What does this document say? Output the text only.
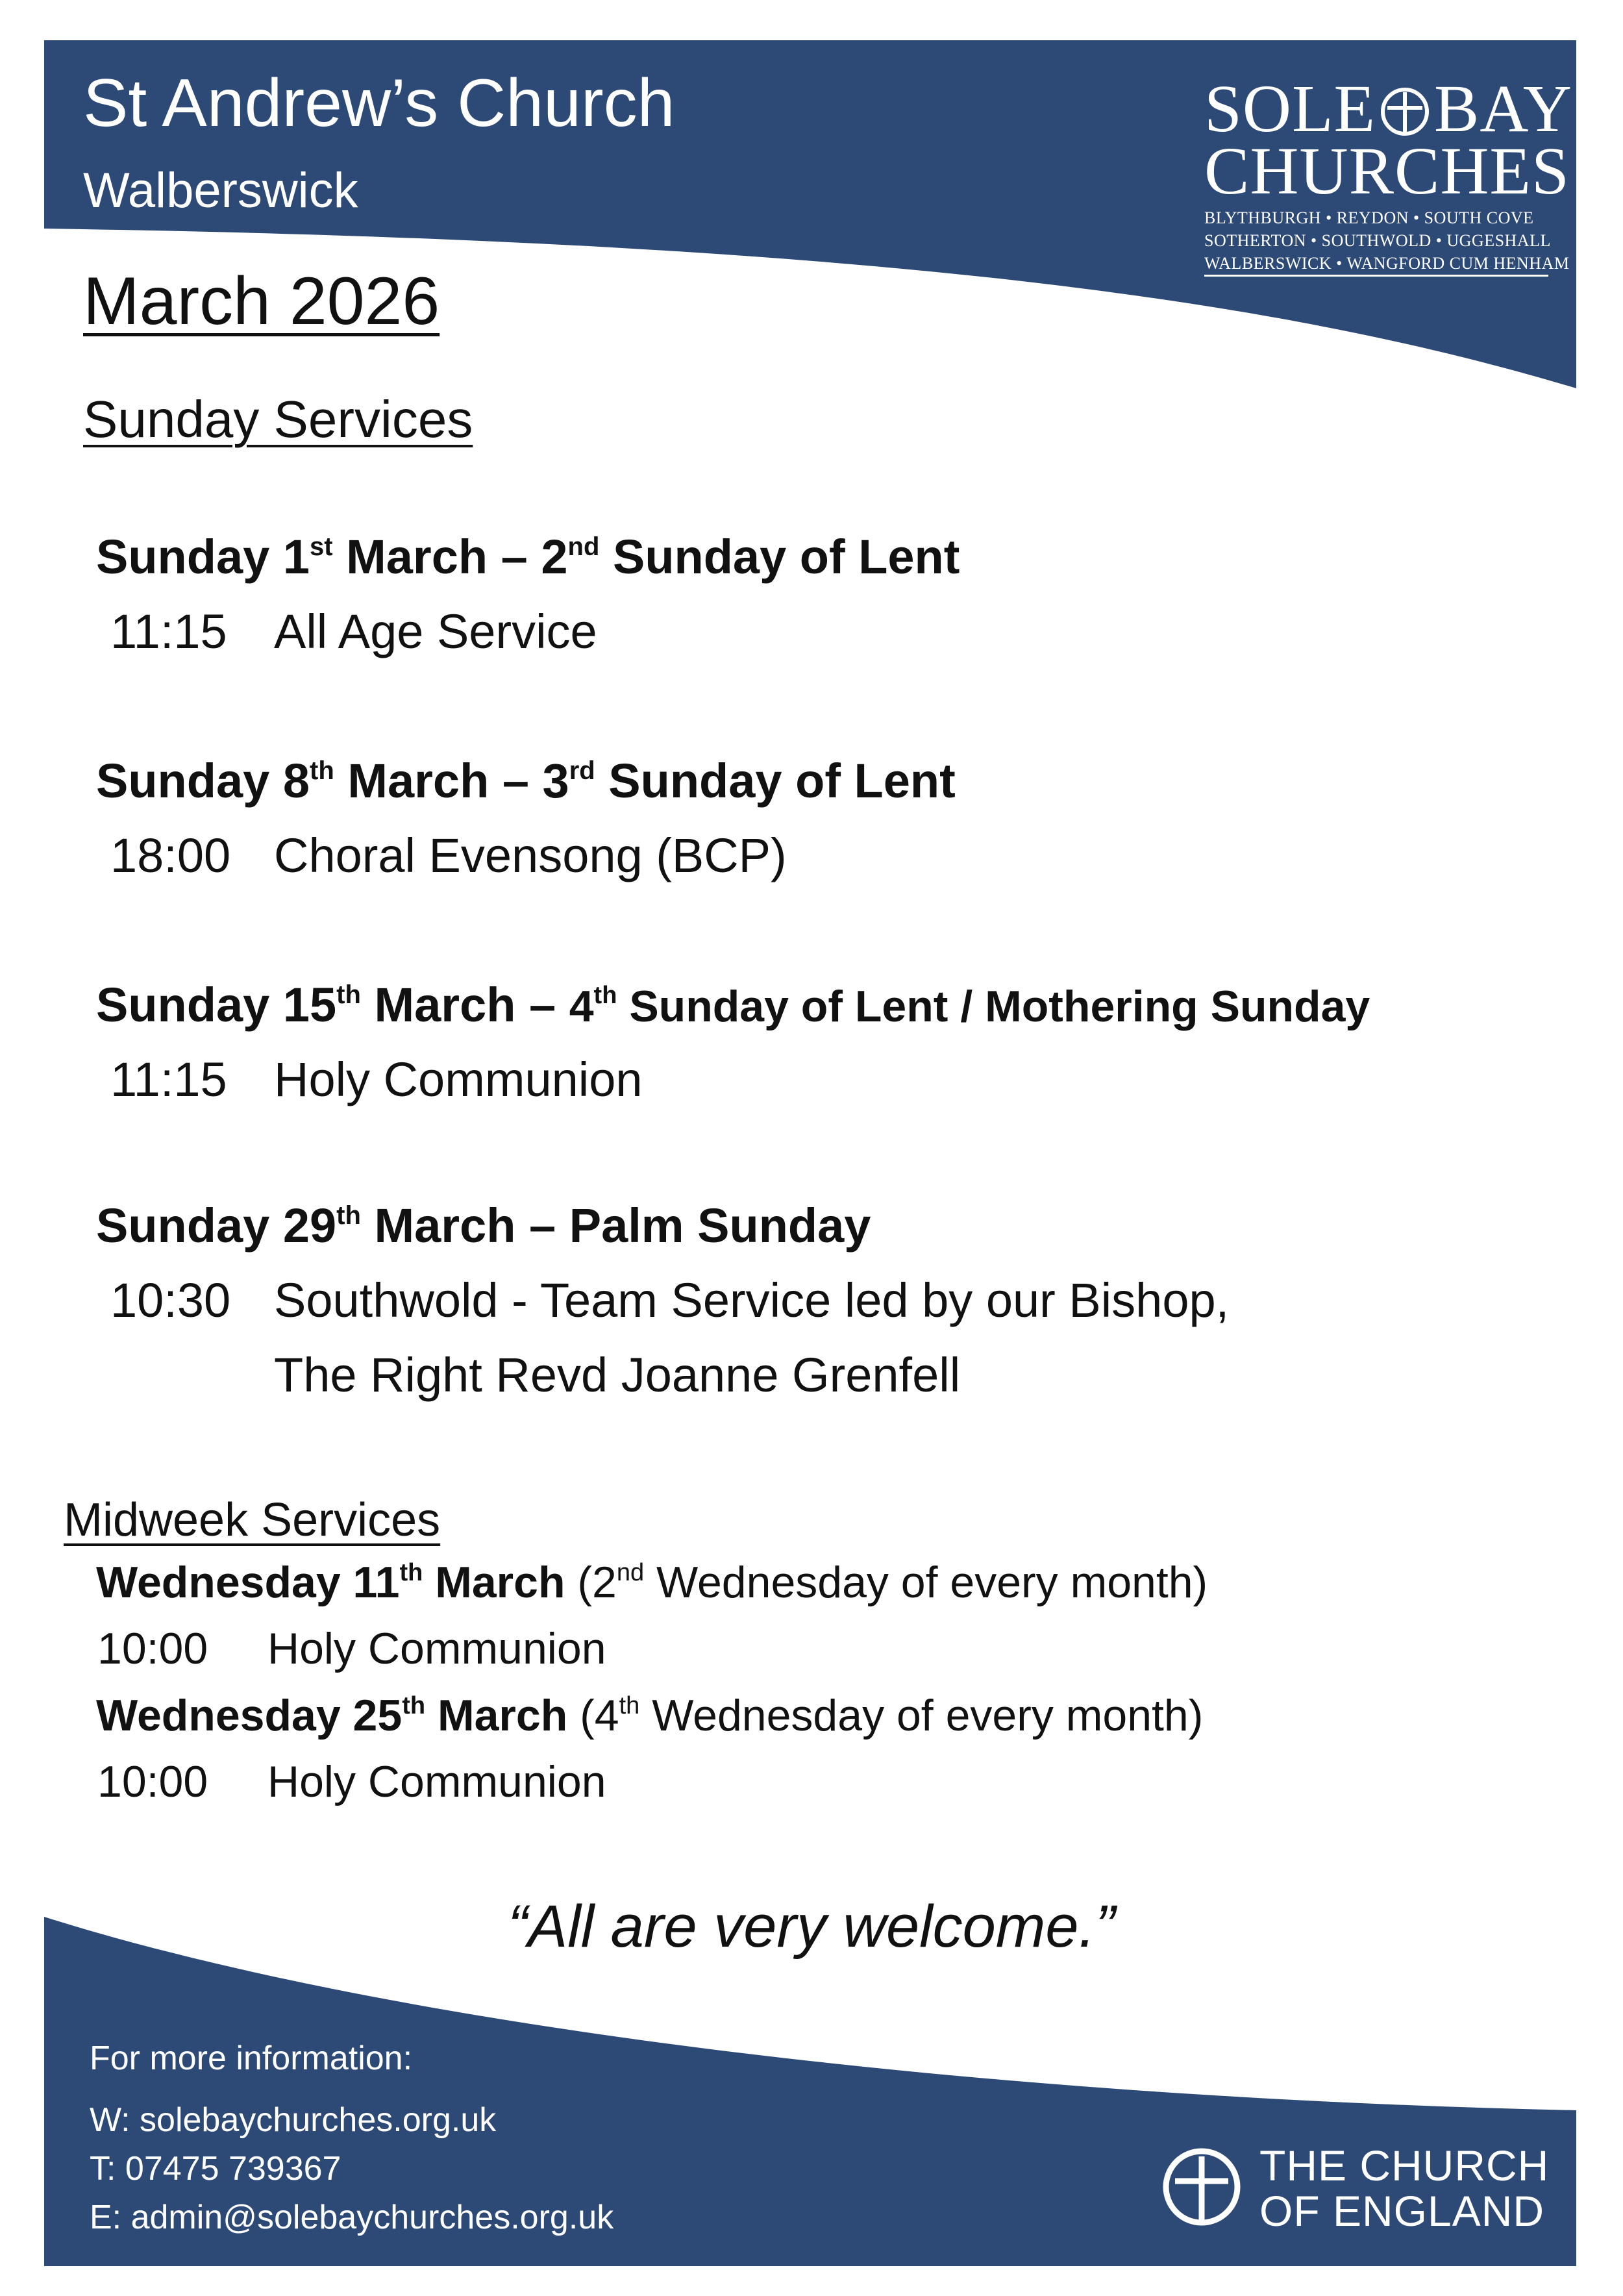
St Andrew’s Church
Walberswick
SOLE BAY
CHURCHES
BLYTHBURGH • REYDON • SOUTH COVE
SOTHERTON • SOUTHWOLD • UGGESHALL
WALBERSWICK • WANGFORD CUM HENHAM
March 2026
Sunday Services
Sunday 1st March – 2nd Sunday of Lent
11:15 All Age Service
Sunday 8th March – 3rd Sunday of Lent
18:00 Choral Evensong (BCP)
Sunday 15th March – 4th Sunday of Lent / Mothering Sunday
11:15 Holy Communion
Sunday 29th March – Palm Sunday
10:30 Southwold - Team Service led by our Bishop,
The Right Revd Joanne Grenfell
Midweek Services
Wednesday 11th March (2nd Wednesday of every month)
10:00 Holy Communion
Wednesday 25th March (4th Wednesday of every month)
10:00 Holy Communion
“All are very welcome.”
For more information:
W: solebaychurches.org.uk
T: 07475 739367
E: admin@solebaychurches.org.uk
THE CHURCH
OF ENGLAND
